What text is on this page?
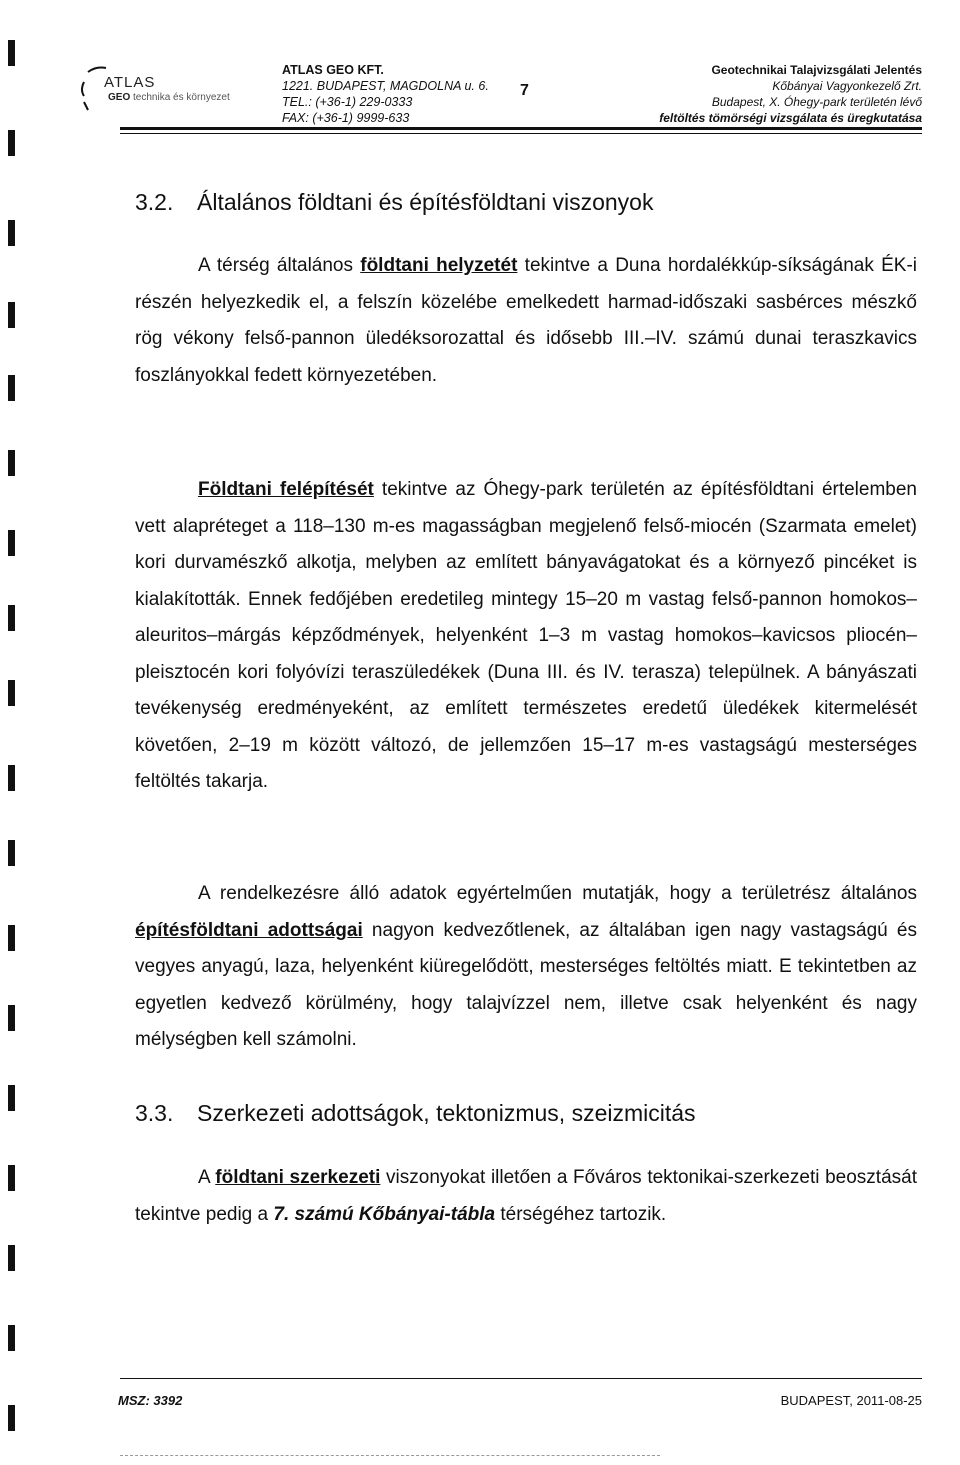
ATLAS
GEO technika és környezet
ATLAS GEO KFT.
1221. BUDAPEST, MAGDOLNA u. 6.
TEL.: (+36-1) 229-0333
FAX: (+36-1) 9999-633
7
Geotechnikai Talajvizsgálati Jelentés
Kőbányai Vagyonkezelő Zrt.
Budapest, X. Óhegy-park területén lévő
feltöltés tömörségi vizsgálata és üregkutatása
3.2. Általános földtani és építésföldtani viszonyok
A térség általános földtani helyzetét tekintve a Duna hordalékkúp-síkságának ÉK-i részén helyezkedik el, a felszín közelébe emelkedett harmad-időszaki sasbérces mészkő rög vékony felső-pannon üledéksorozattal és idősebb III.–IV. számú dunai teraszkavics foszlányokkal fedett környezetében.
Földtani felépítését tekintve az Óhegy-park területén az építésföldtani értelemben vett alapréteget a 118–130 m-es magasságban megjelenő felső-miocén (Szarmata emelet) kori durvamészkő alkotja, melyben az említett bányavágatokat és a környező pincéket is kialakították. Ennek fedőjében eredetileg mintegy 15–20 m vastag felső-pannon homokos–aleuritos–márgás képződmények, helyenként 1–3 m vastag homokos–kavicsos pliocén–pleisztocén kori folyóvízi teraszüledékek (Duna III. és IV. terasza) települnek. A bányászati tevékenység eredményeként, az említett természetes eredetű üledékek kitermelését követően, 2–19 m között változó, de jellemzően 15–17 m-es vastagságú mesterséges feltöltés takarja.
A rendelkezésre álló adatok egyértelműen mutatják, hogy a területrész általános építésföldtani adottságai nagyon kedvezőtlenek, az általában igen nagy vastagságú és vegyes anyagú, laza, helyenként kiüregelődött, mesterséges feltöltés miatt. E tekintetben az egyetlen kedvező körülmény, hogy talajvízzel nem, illetve csak helyenként és nagy mélységben kell számolni.
3.3. Szerkezeti adottságok, tektonizmus, szeizmicitás
A földtani szerkezeti viszonyokat illetően a Főváros tektonikai-szerkezeti beosztását tekintve pedig a 7. számú Kőbányai-tábla térségéhez tartozik.
MSZ: 3392	BUDAPEST, 2011-08-25
